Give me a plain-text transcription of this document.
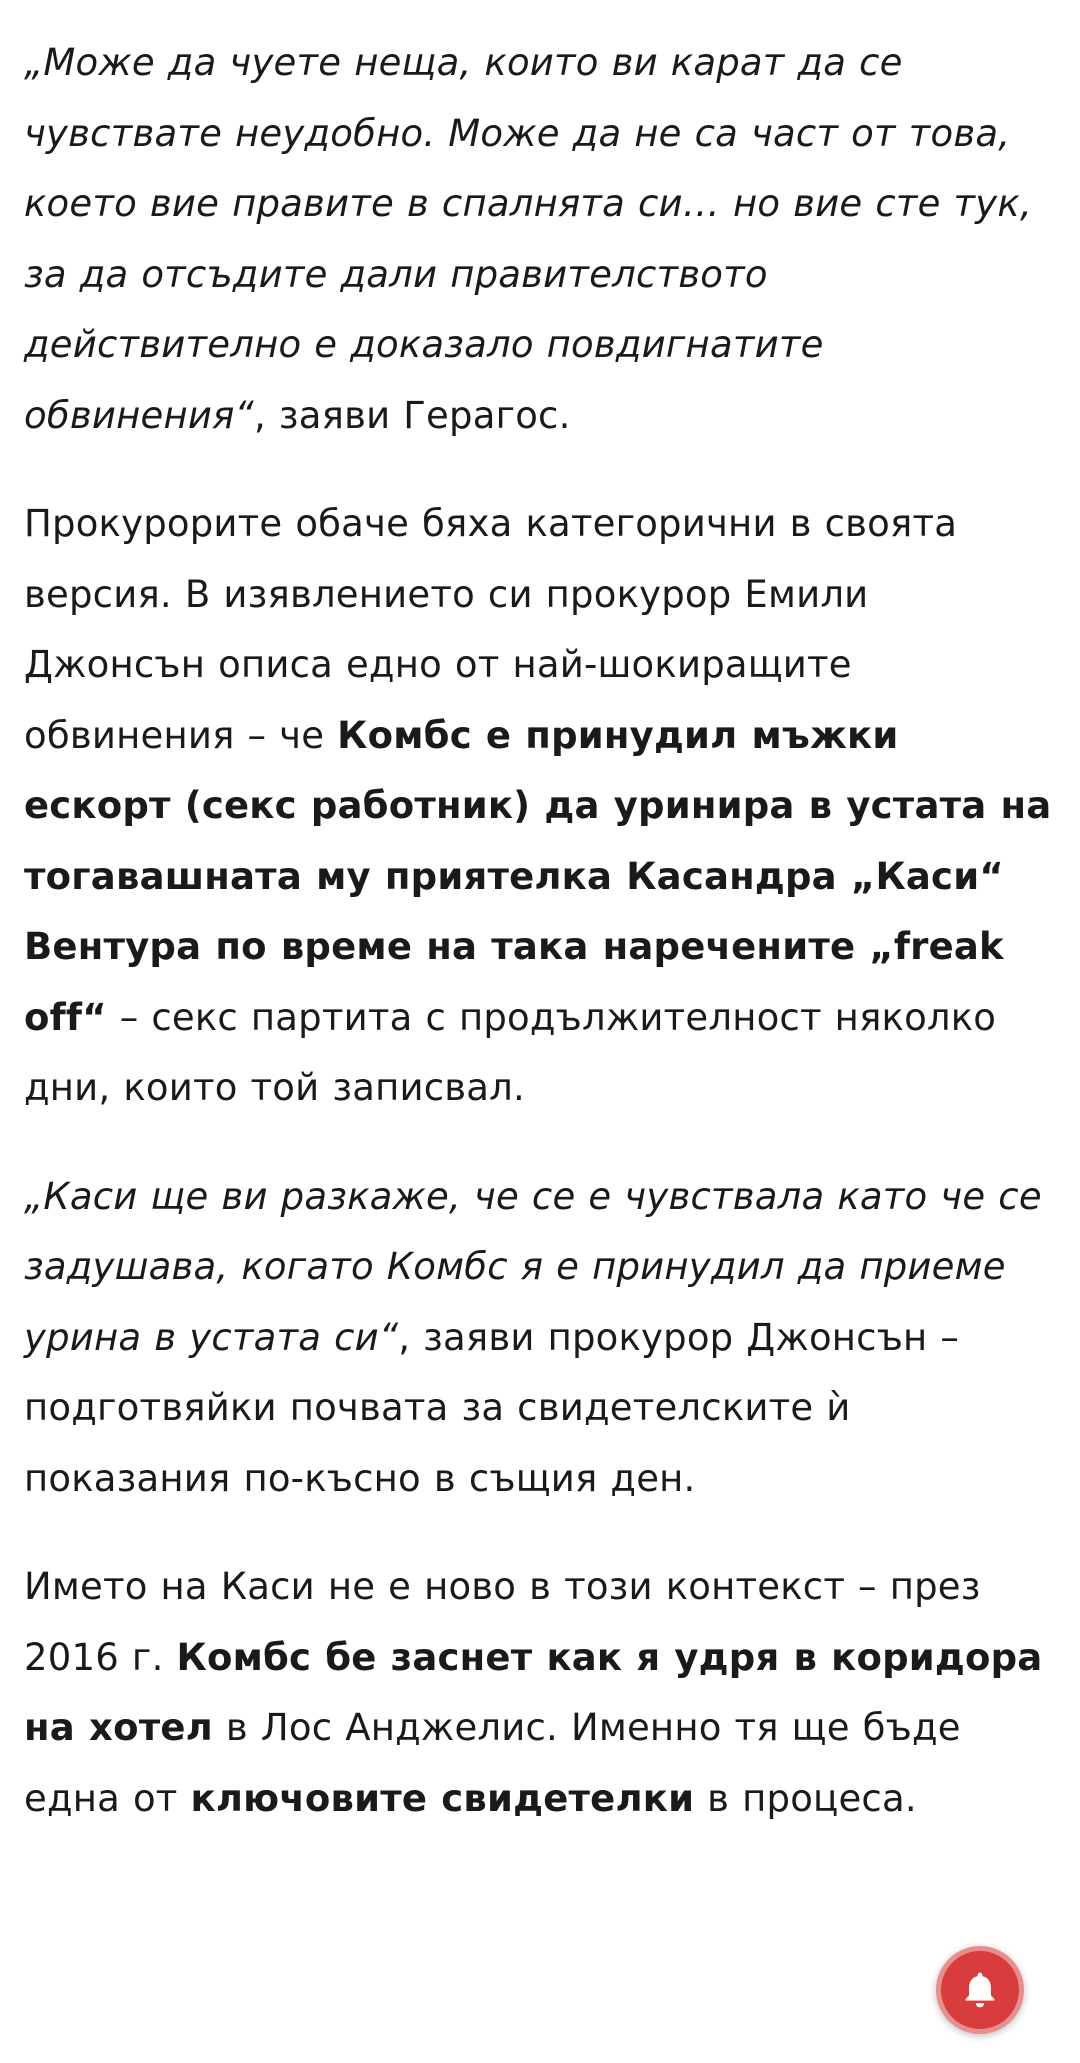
„Може да чуете неща, които ви карат да се чувствате неудобно. Може да не са част от това, което вие правите в спалнята си… но вие сте тук, за да отсъдите дали правителството действително е доказало повдигнатите обвинения“, заяви Герагос.

Прокурорите обаче бяха категорични в своята версия. В изявлението си прокурор Емили Джонсън описа едно от най-шокиращите обвинения – че Комбс е принудил мъжки ескорт (секс работник) да уринира в устата на тогавашната му приятелка Касандра „Каси“ Вентура по време на така наречените „freak off“ – секс партита с продължителност няколко дни, които той записвал.

„Каси ще ви разкаже, че се е чувствала като че се задушава, когато Комбс я е принудил да приеме урина в устата си“, заяви прокурор Джонсън – подготвяйки почвата за свидетелските ѝ показания по-късно в същия ден.

Името на Каси не е ново в този контекст – през 2016 г. Комбс бе заснет как я удря в коридора на хотел в Лос Анджелис. Именно тя ще бъде една от ключовите свидетелки в процеса.
